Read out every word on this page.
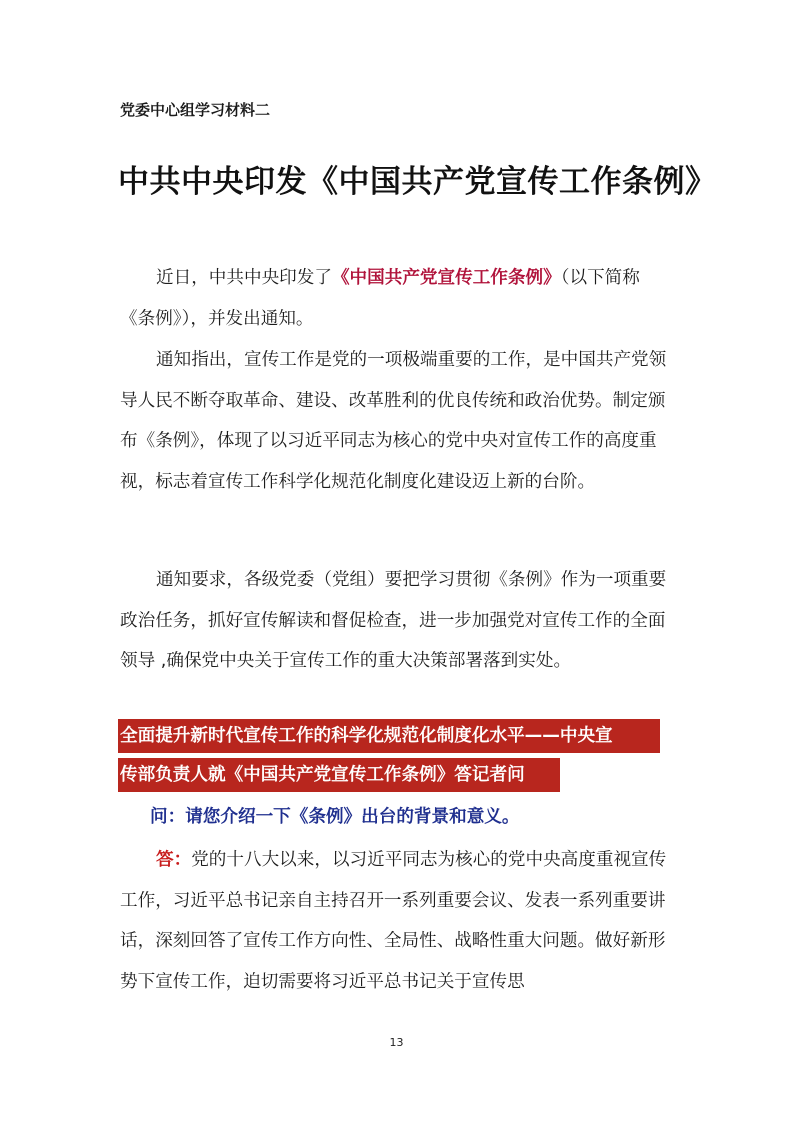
党委中心组学习材料二
中共中央印发《中国共产党宣传工作条例》

近日，中共中央印发了《中国共产党宣传工作条例》（以下简称《条例》），并发出通知。

通知指出，宣传工作是党的一项极端重要的工作，是中国共产党领导人民不断夺取革命、建设、改革胜利的优良传统和政治优势。制定颁布《条例》，体现了以习近平同志为核心的党中央对宣传工作的高度重视，标志着宣传工作科学化规范化制度化建设迈上新的台阶。

通知要求，各级党委（党组）要把学习贯彻《条例》作为一项重要政治任务，抓好宣传解读和督促检查，进一步加强党对宣传工作的全面领导 ,确保党中央关于宣传工作的重大决策部署落到实处。

全面提升新时代宣传工作的科学化规范化制度化水平——中央宣
传部负责人就《中国共产党宣传工作条例》答记者问
问：请您介绍一下《条例》出台的背景和意义。

答：党的十八大以来，以习近平同志为核心的党中央高度重视宣传工作，习近平总书记亲自主持召开一系列重要会议、发表一系列重要讲话，深刻回答了宣传工作方向性、全局性、战略性重大问题。做好新形势下宣传工作，迫切需要将习近平总书记关于宣传思

13
